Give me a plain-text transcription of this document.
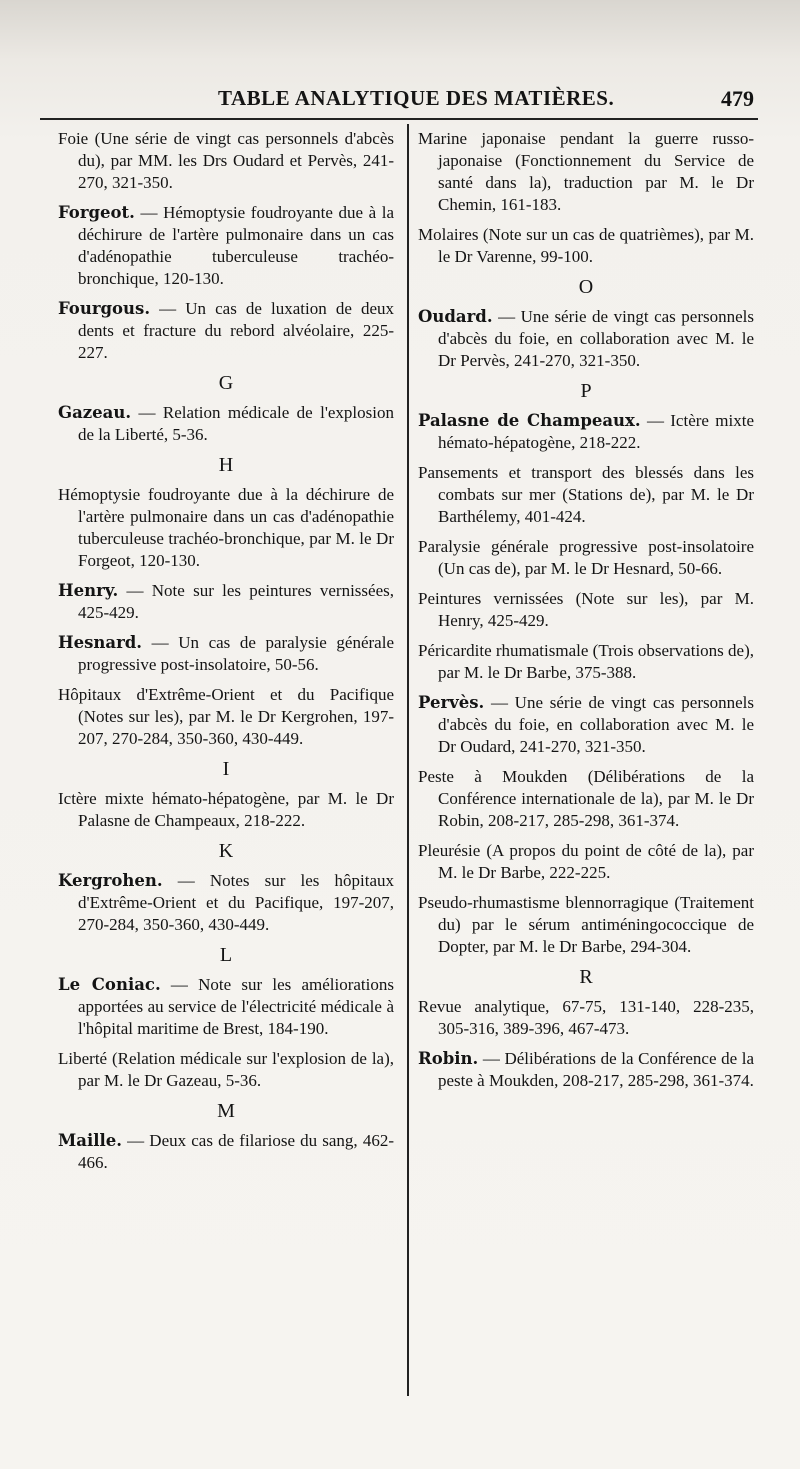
TABLE ANALYTIQUE DES MATIÈRES.	479
Foie (Une série de vingt cas personnels d'abcès du), par MM. les Drs Oudard et Pervès, 241-270, 321-350.
Forgeot. — Hémoptysie foudroyante due à la déchirure de l'artère pulmonaire dans un cas d'adénopathie tuberculeuse trachéo-bronchique, 120-130.
Fourgous. — Un cas de luxation de deux dents et fracture du rebord alvéolaire, 225-227.
G
Gazeau. — Relation médicale de l'explosion de la Liberté, 5-36.
H
Hémoptysie foudroyante due à la déchirure de l'artère pulmonaire dans un cas d'adénopathie tuberculeuse trachéo-bronchique, par M. le Dr Forgeot, 120-130.
Henry. — Note sur les peintures vernissées, 425-429.
Hesnard. — Un cas de paralysie générale progressive post-insolatoire, 50-56.
Hôpitaux d'Extrême-Orient et du Pacifique (Notes sur les), par M. le Dr Kergrohen, 197-207, 270-284, 350-360, 430-449.
I
Ictère mixte hémato-hépatogène, par M. le Dr Palasne de Champeaux, 218-222.
K
Kergrohen. — Notes sur les hôpitaux d'Extrême-Orient et du Pacifique, 197-207, 270-284, 350-360, 430-449.
L
Le Coniac. — Note sur les améliorations apportées au service de l'électricité médicale à l'hôpital maritime de Brest, 184-190.
Liberté (Relation médicale sur l'explosion de la), par M. le Dr Gazeau, 5-36.
M
Maille. — Deux cas de filariose du sang, 462-466.
Marine japonaise pendant la guerre russo-japonaise (Fonctionnement du Service de santé dans la), traduction par M. le Dr Chemin, 161-183.
Molaires (Note sur un cas de quatrièmes), par M. le Dr Varenne, 99-100.
O
Oudard. — Une série de vingt cas personnels d'abcès du foie, en collaboration avec M. le Dr Pervès, 241-270, 321-350.
P
Palasne de Champeaux. — Ictère mixte hémato-hépatogène, 218-222.
Pansements et transport des blessés dans les combats sur mer (Stations de), par M. le Dr Barthélemy, 401-424.
Paralysie générale progressive post-insolatoire (Un cas de), par M. le Dr Hesnard, 50-66.
Peintures vernissées (Note sur les), par M. Henry, 425-429.
Péricardite rhumatismale (Trois observations de), par M. le Dr Barbe, 375-388.
Pervès. — Une série de vingt cas personnels d'abcès du foie, en collaboration avec M. le Dr Oudard, 241-270, 321-350.
Peste à Moukden (Délibérations de la Conférence internationale de la), par M. le Dr Robin, 208-217, 285-298, 361-374.
Pleurésie (A propos du point de côté de la), par M. le Dr Barbe, 222-225.
Pseudo-rhumastisme blennorragique (Traitement du) par le sérum antiméningococcique de Dopter, par M. le Dr Barbe, 294-304.
R
Revue analytique, 67-75, 131-140, 228-235, 305-316, 389-396, 467-473.
Robin. — Délibérations de la Conférence de la peste à Moukden, 208-217, 285-298, 361-374.
